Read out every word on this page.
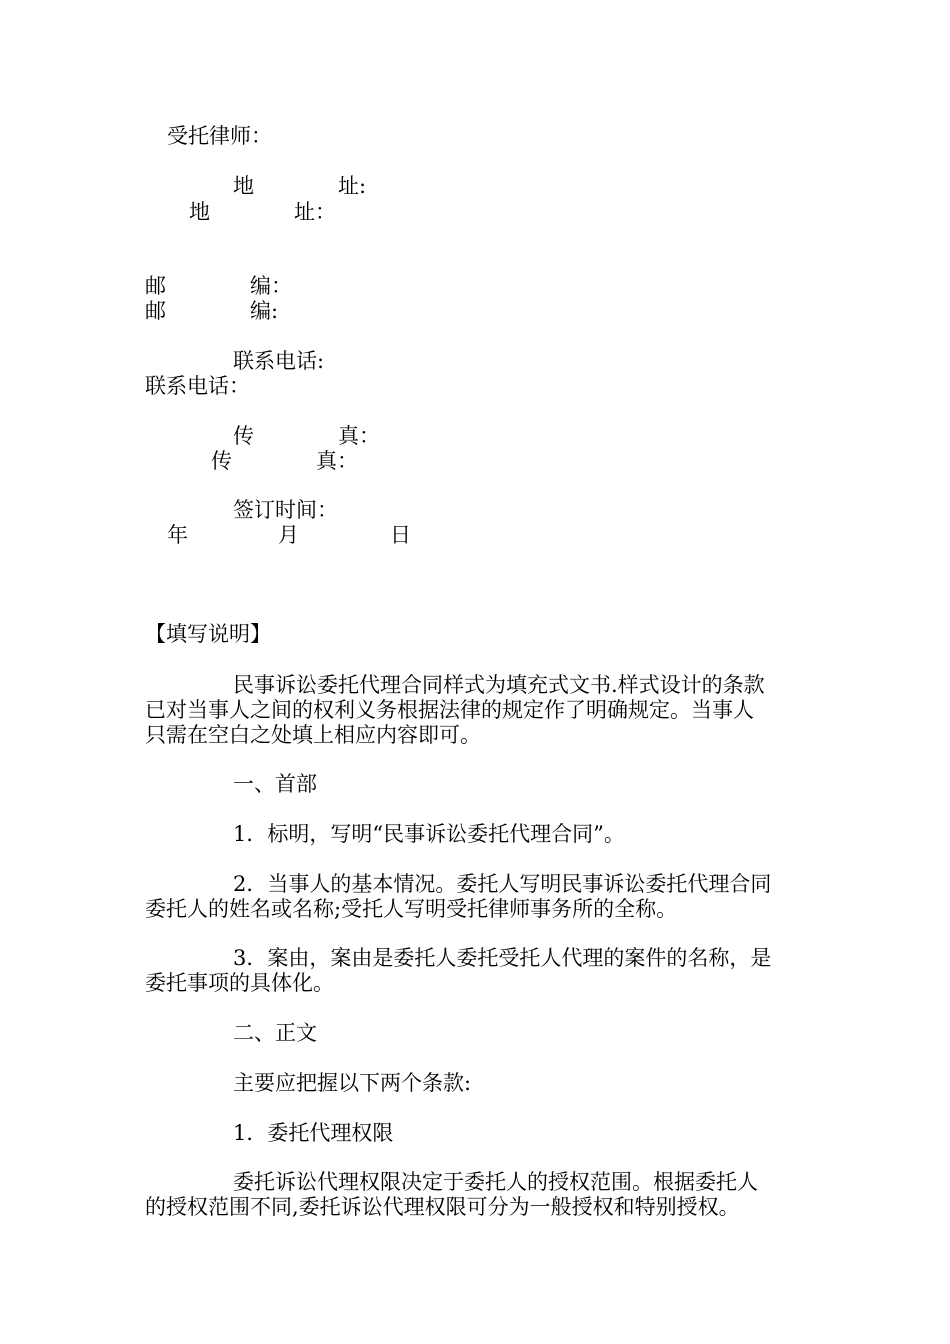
受托律师：

地　　　　址:

地　　　　址：

邮　　　　编：

邮　　　　编:

联系电话:

联系电话：

传　　　　真：

传　　　　真：

签订时间：

年	月	日

【填写说明】

民事诉讼委托代理合同样式为填充式文书.样式设计的条款

已对当事人之间的权利义务根据法律的规定作了明确规定。当事人

只需在空白之处填上相应内容即可。

一、首部

1．标明，写明“民事诉讼委托代理合同”。

2．当事人的基本情况。委托人写明民事诉讼委托代理合同

委托人的姓名或名称;受托人写明受托律师事务所的全称。

3．案由，案由是委托人委托受托人代理的案件的名称，是

委托事项的具体化。

二、正文

主要应把握以下两个条款:

1．委托代理权限

委托诉讼代理权限决定于委托人的授权范围。根据委托人

的授权范围不同,委托诉讼代理权限可分为一般授权和特别授权。
